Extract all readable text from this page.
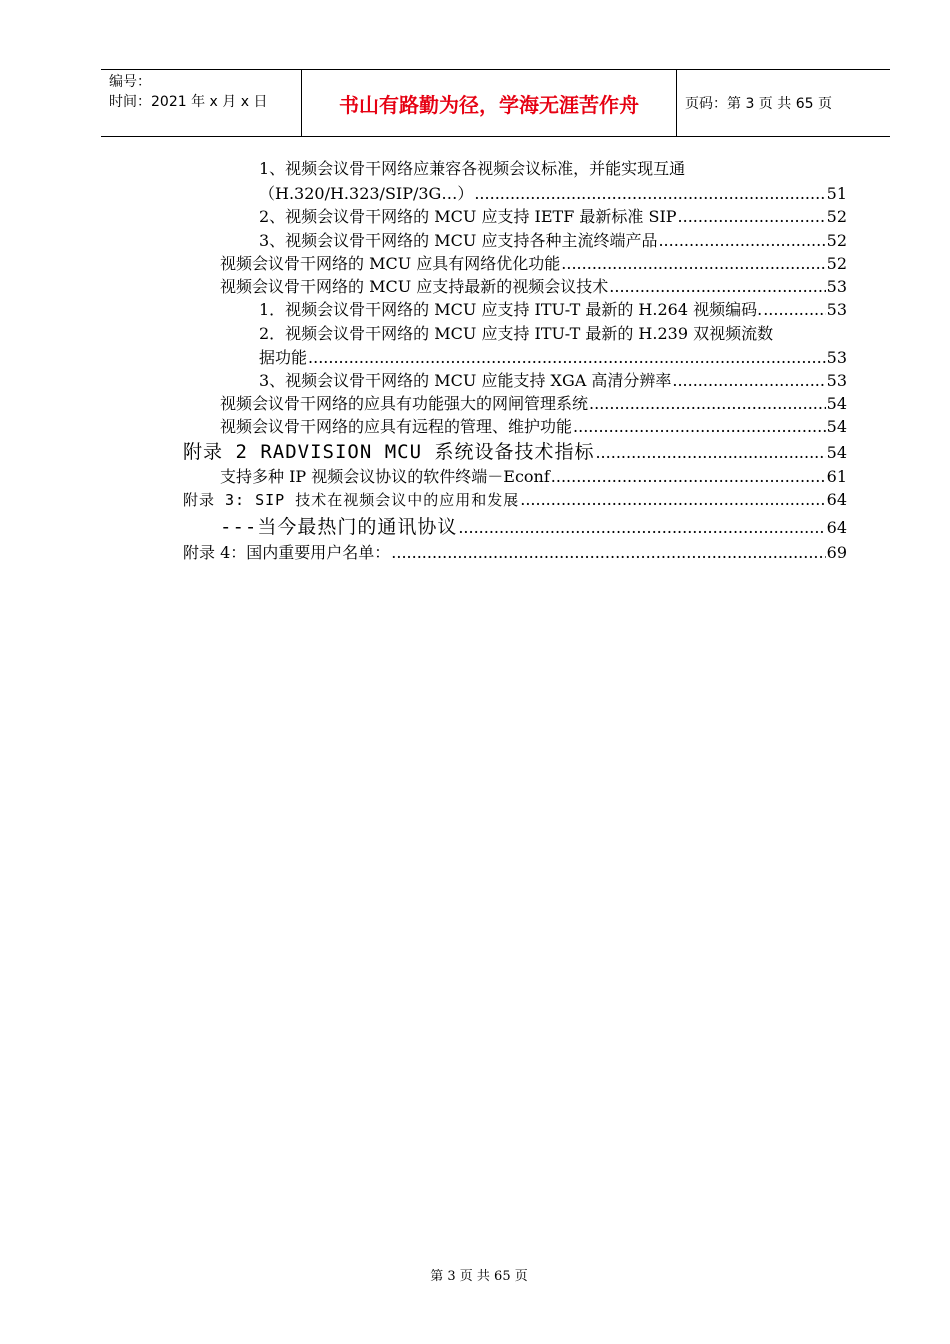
编号：
时间：2021 年 x 月 x 日	书山有路勤为径，学海无涯苦作舟	页码：第 3 页 共 65 页
1、视频会议骨干网络应兼容各视频会议标准，并能实现互通
（H.320/H.323/SIP/3G…） .....	51
2、视频会议骨干网络的 MCU 应支持 IETF 最新标准 SIP .....	52
3、视频会议骨干网络的 MCU 应支持各种主流终端产品 .....	52
视频会议骨干网络的 MCU 应具有网络优化功能 .....	52
视频会议骨干网络的 MCU 应支持最新的视频会议技术 .....	53
1．视频会议骨干网络的 MCU 应支持 ITU-T 最新的 H.264 视频编码. .....	53
2．视频会议骨干网络的 MCU 应支持 ITU-T 最新的 H.239 双视频流数
据功能 .....	53
3、视频会议骨干网络的 MCU 应能支持 XGA 高清分辨率 .....	53
视频会议骨干网络的应具有功能强大的网闸管理系统 .....	54
视频会议骨干网络的应具有远程的管理、维护功能 .....	54
附录 2 RADVISION MCU 系统设备技术指标 .....	54
支持多种 IP 视频会议协议的软件终端－Econf .....	61
附录 3: SIP 技术在视频会议中的应用和发展 .....	64
---当今最热门的通讯协议 .....	64
附录 4：国内重要用户名单： .....	69
第 3 页 共 65 页
